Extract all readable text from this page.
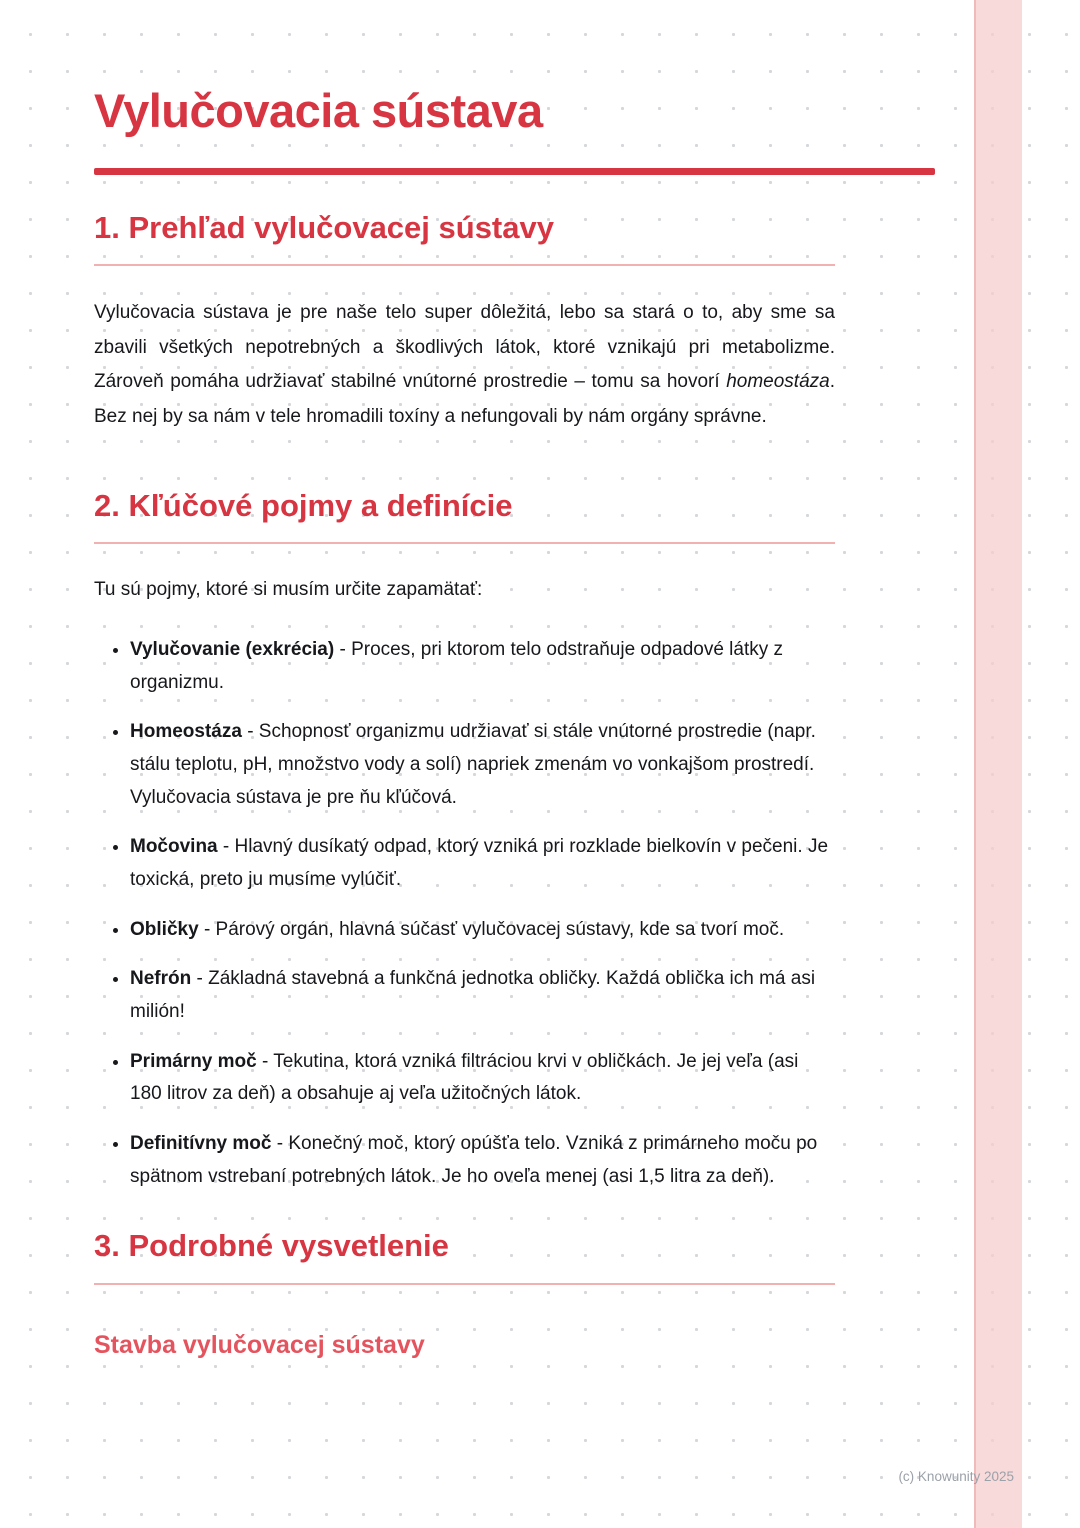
Vylučovacia sústava
1. Prehľad vylučovacej sústavy

Vylučovacia sústava je pre naše telo super dôležitá, lebo sa stará o to, aby sme sa zbavili všetkých nepotrebných a škodlivých látok, ktoré vznikajú pri metabolizme. Zároveň pomáha udržiavať stabilné vnútorné prostredie – tomu sa hovorí homeostáza. Bez nej by sa nám v tele hromadili toxíny a nefungovali by nám orgány správne.

2. Kľúčové pojmy a definície

Tu sú pojmy, ktoré si musím určite zapamätať:

• Vylučovanie (exkrécia) - Proces, pri ktorom telo odstraňuje odpadové látky z organizmu.
• Homeostáza - Schopnosť organizmu udržiavať si stále vnútorné prostredie (napr. stálu teplotu, pH, množstvo vody a solí) napriek zmenám vo vonkajšom prostredí. Vylučovacia sústava je pre ňu kľúčová.
• Močovina - Hlavný dusíkatý odpad, ktorý vzniká pri rozklade bielkovín v pečeni. Je toxická, preto ju musíme vylúčiť.
• Obličky - Párový orgán, hlavná súčasť vylučovacej sústavy, kde sa tvorí moč.
• Nefrón - Základná stavebná a funkčná jednotka obličky. Každá oblička ich má asi milión!
• Primárny moč - Tekutina, ktorá vzniká filtráciou krvi v obličkách. Je jej veľa (asi 180 litrov za deň) a obsahuje aj veľa užitočných látok.
• Definitívny moč - Konečný moč, ktorý opúšťa telo. Vzniká z primárneho moču po spätnom vstrebaní potrebných látok. Je ho oveľa menej (asi 1,5 litra za deň).
3. Podrobné vysvetlenie
Stavba vylučovacej sústavy
(c) Knowunity 2025
